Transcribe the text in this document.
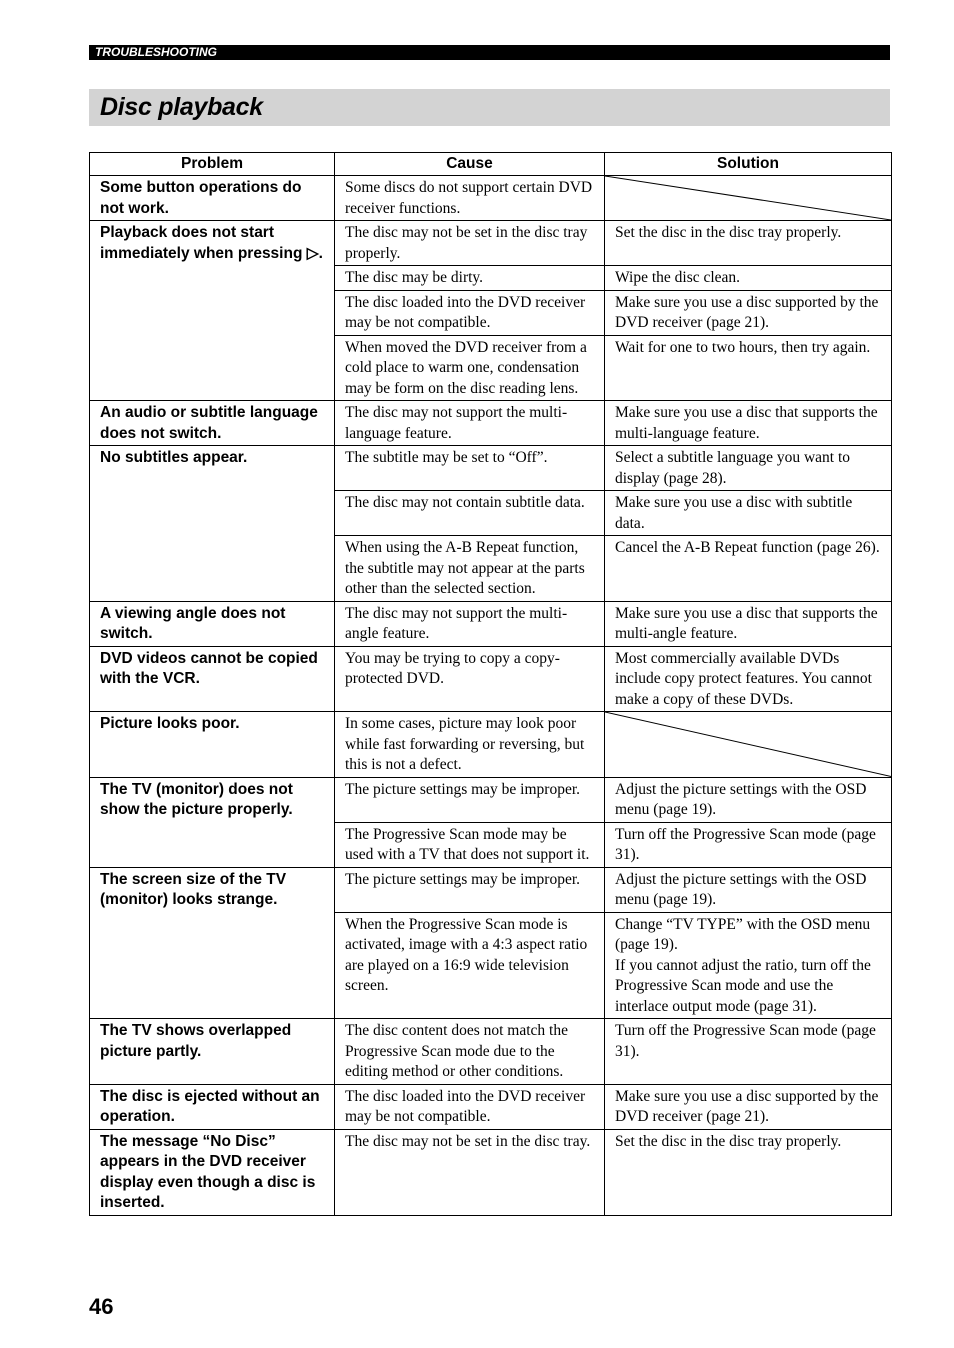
TROUBLESHOOTING
Disc playback
Problem	Cause	Solution
Some button operations do not work.	Some discs do not support certain DVD receiver functions.	

Playback does not start immediately when pressing ▷.	The disc may not be set in the disc tray properly.	Set the disc in the disc tray properly.
	The disc may be dirty.	Wipe the disc clean.
	The disc loaded into the DVD receiver may be not compatible.	Make sure you use a disc supported by the DVD receiver (page 21).
	When moved the DVD receiver from a cold place to warm one, condensation may be form on the disc reading lens.	Wait for one to two hours, then try again.
An audio or subtitle language does not switch.	The disc may not support the multi-language feature.	Make sure you use a disc that supports the multi-language feature.
No subtitles appear.	The subtitle may be set to “Off”.	Select a subtitle language you want to display (page 28).
	The disc may not contain subtitle data.	Make sure you use a disc with subtitle data.
	When using the A-B Repeat function, the subtitle may not appear at the parts other than the selected section.	Cancel the A-B Repeat function (page 26).
A viewing angle does not switch.	The disc may not support the multi-angle feature.	Make sure you use a disc that supports the multi-angle feature.
DVD videos cannot be copied with the VCR.	You may be trying to copy a copy-protected DVD.	Most commercially available DVDs include copy protect features. You cannot make a copy of these DVDs.
Picture looks poor.	In some cases, picture may look poor while fast forwarding or reversing, but this is not a defect.	

The TV (monitor) does not show the picture properly.	The picture settings may be improper.	Adjust the picture settings with the OSD menu (page 19).
	The Progressive Scan mode may be used with a TV that does not support it.	Turn off the Progressive Scan mode (page 31).
The screen size of the TV (monitor) looks strange.	The picture settings may be improper.	Adjust the picture settings with the OSD menu (page 19).
	When the Progressive Scan mode is activated, image with a 4:3 aspect ratio are played on a 16:9 wide television screen.	Change “TV TYPE” with the OSD menu (page 19).
If you cannot adjust the ratio, turn off the Progressive Scan mode and use the interlace output mode (page 31).
The TV shows overlapped picture partly.	The disc content does not match the Progressive Scan mode due to the editing method or other conditions.	Turn off the Progressive Scan mode (page 31).
The disc is ejected without an operation.	The disc loaded into the DVD receiver may be not compatible.	Make sure you use a disc supported by the DVD receiver (page 21).
The message “No Disc” appears in the DVD receiver display even though a disc is inserted.	The disc may not be set in the disc tray.	Set the disc in the disc tray properly.
46
